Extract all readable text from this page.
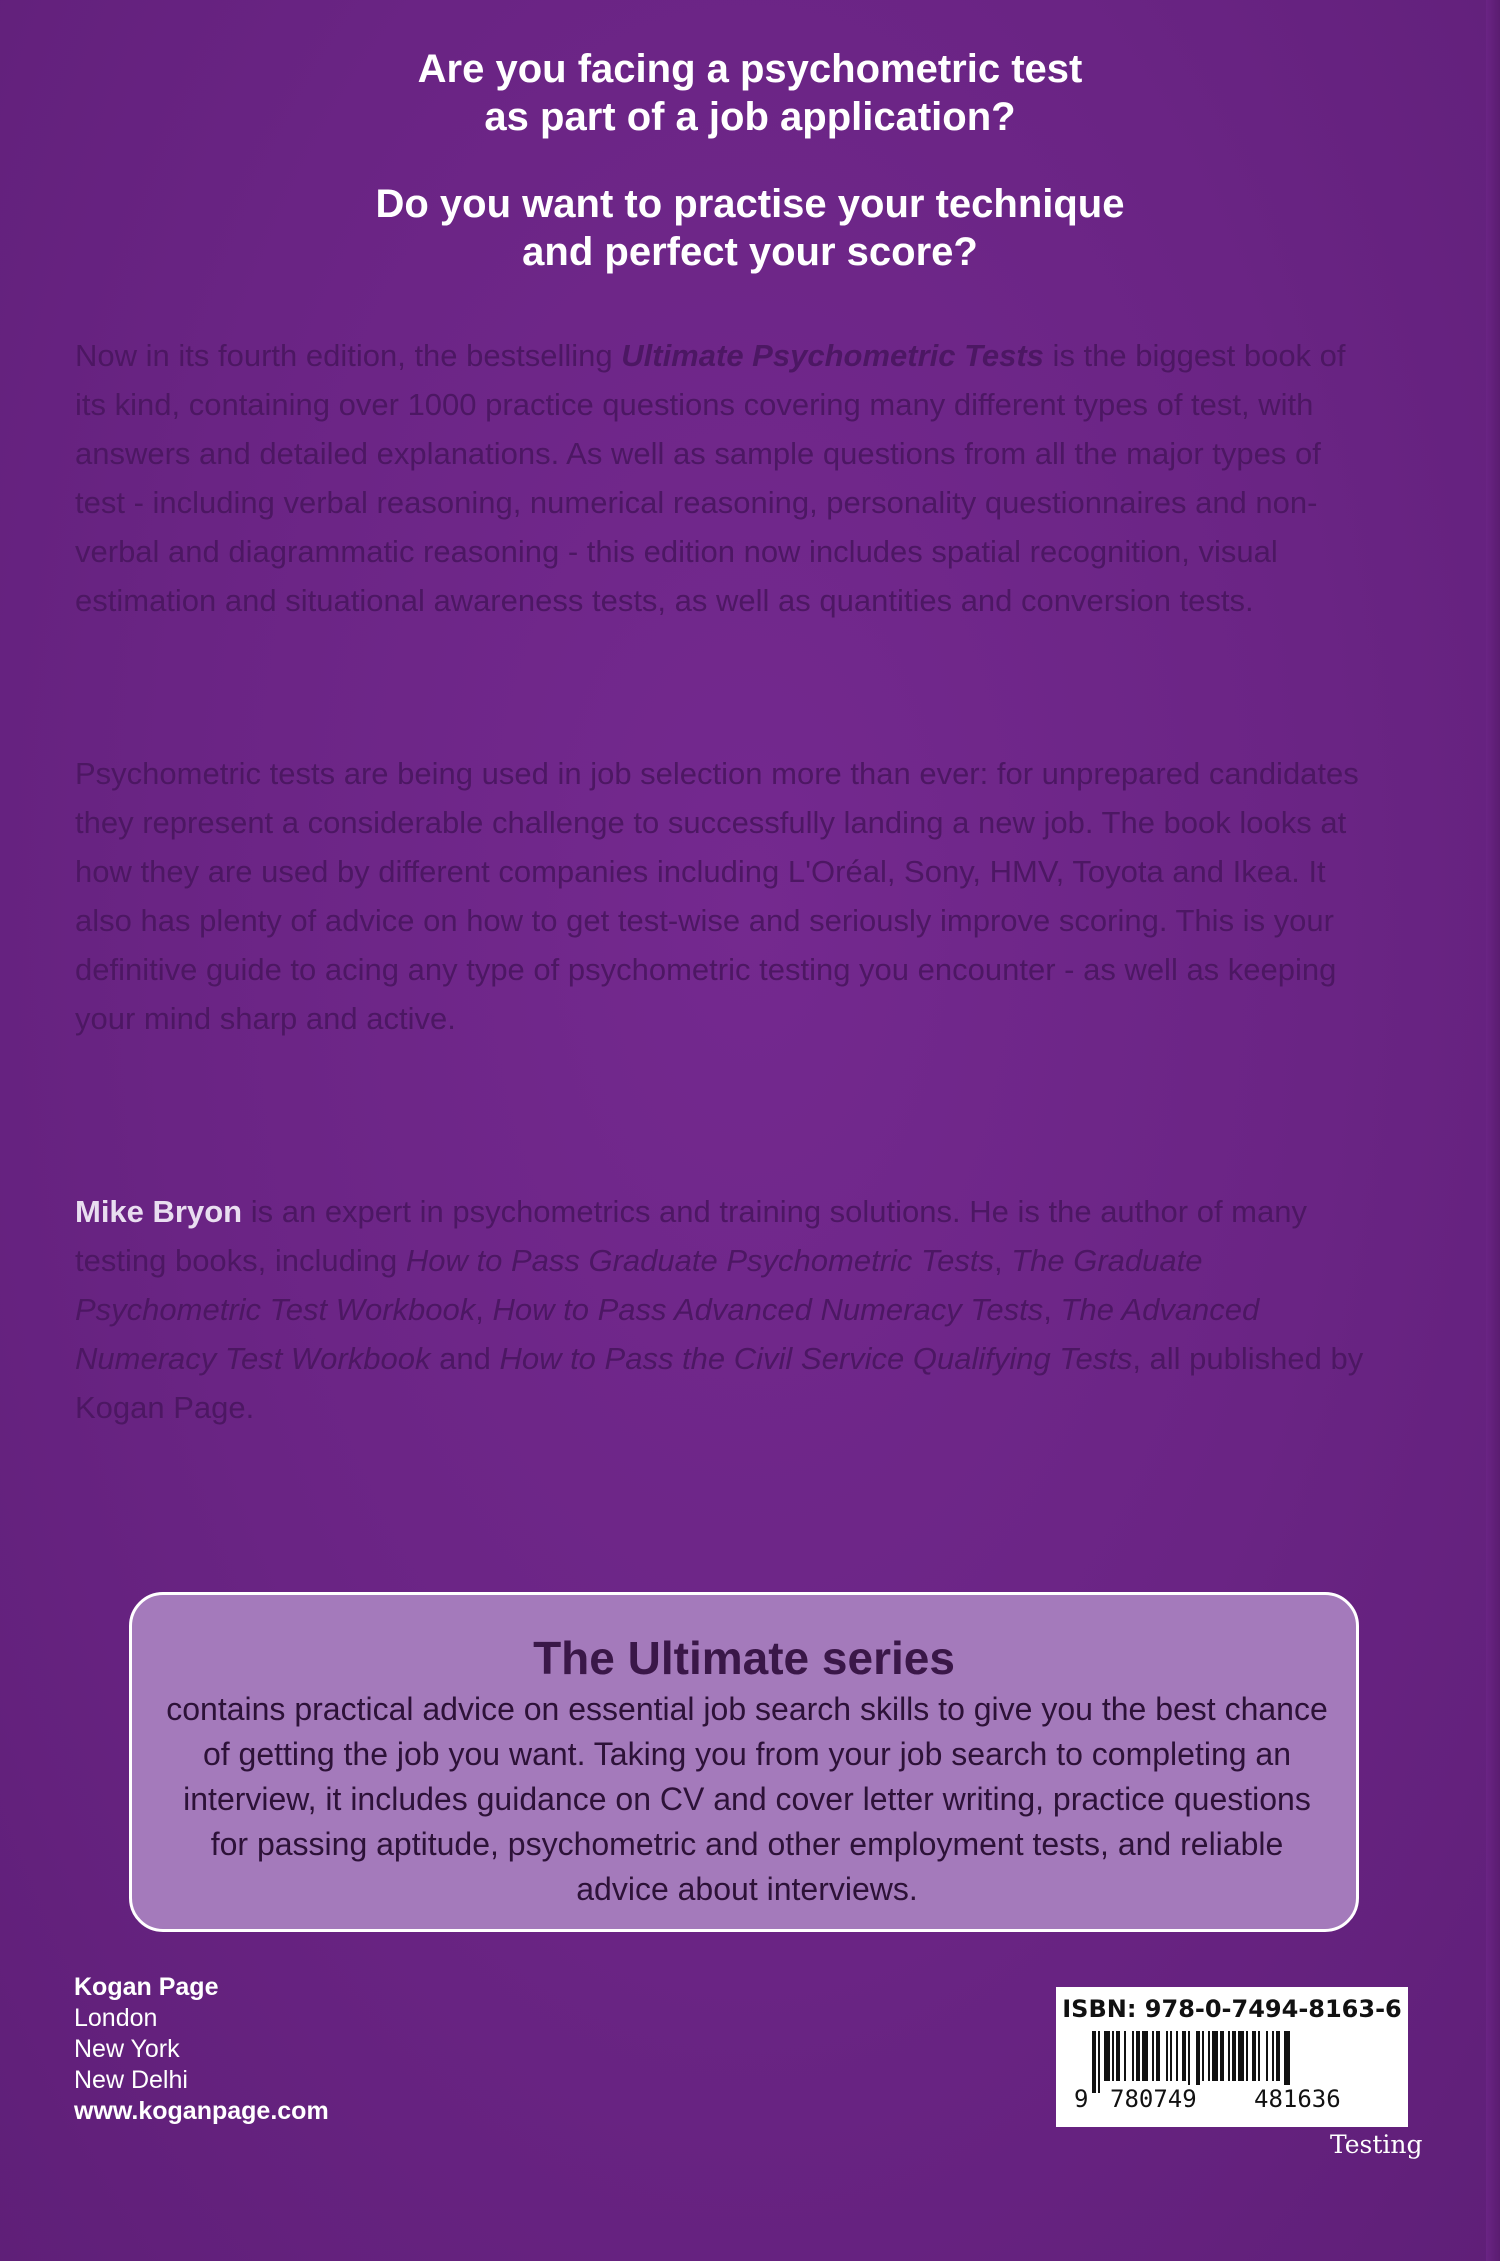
Are you facing a psychometric test
as part of a job application?
Do you want to practise your technique
and perfect your score?

Now in its fourth edition, the bestselling Ultimate Psychometric Tests is the biggest book of its kind, containing over 1000 practice questions covering many different types of test, with answers and detailed explanations. As well as sample questions from all the major types of test - including verbal reasoning, numerical reasoning, personality questionnaires and non-verbal and diagrammatic reasoning - this edition now includes spatial recognition, visual estimation and situational awareness tests, as well as quantities and conversion tests.

Psychometric tests are being used in job selection more than ever: for unprepared candidates they represent a considerable challenge to successfully landing a new job. The book looks at how they are used by different companies including L'Oréal, Sony, HMV, Toyota and Ikea. It also has plenty of advice on how to get test-wise and seriously improve scoring. This is your definitive guide to acing any type of psychometric testing you encounter - as well as keeping your mind sharp and active.

Mike Bryon is an expert in psychometrics and training solutions. He is the author of many testing books, including How to Pass Graduate Psychometric Tests, The Graduate Psychometric Test Workbook, How to Pass Advanced Numeracy Tests, The Advanced Numeracy Test Workbook and How to Pass the Civil Service Qualifying Tests, all published by Kogan Page.

The Ultimate series

contains practical advice on essential job search skills to give you the best chance of getting the job you want. Taking you from your job search to completing an interview, it includes guidance on CV and cover letter writing, practice questions for passing aptitude, psychometric and other employment tests, and reliable advice about interviews.

Kogan Page
London
New York
New Delhi
www.koganpage.com
ISBN: 978-0-7494-8163-6
9 780749 481636
Testing
